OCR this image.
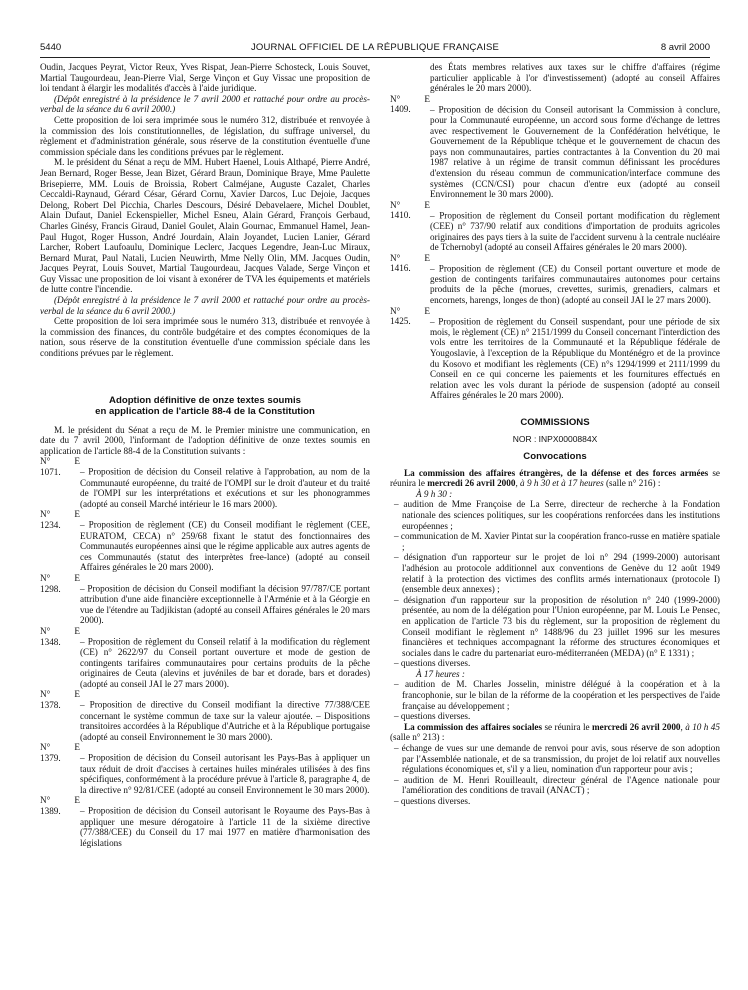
5440	JOURNAL OFFICIEL DE LA RÉPUBLIQUE FRANÇAISE	8 avril 2000

Oudin, Jacques Peyrat, Victor Reux, Yves Rispat, Jean-Pierre Schosteck, Louis Souvet, Martial Taugourdeau, Jean-Pierre Vial, Serge Vinçon et Guy Vissac une proposition de loi tendant à élargir les modalités d'accès à l'aide juridique.

(Dépôt enregistré à la présidence le 7 avril 2000 et rattaché pour ordre au procès-verbal de la séance du 6 avril 2000.)

Cette proposition de loi sera imprimée sous le numéro 312, distribuée et renvoyée à la commission des lois constitutionnelles, de législation, du suffrage universel, du règlement et d'administration générale, sous réserve de la constitution éventuelle d'une commission spéciale dans les conditions prévues par le règlement.

M. le président du Sénat a reçu de MM. Hubert Haenel, Louis Althapé, Pierre André, Jean Bernard, Roger Besse, Jean Bizet, Gérard Braun, Dominique Braye, Mme Paulette Brisepierre, MM. Louis de Broissia, Robert Calméjane, Auguste Cazalet, Charles Ceccaldi-Raynaud, Gérard César, Gérard Cornu, Xavier Darcos, Luc Dejoie, Jacques Delong, Robert Del Picchia, Charles Descours, Désiré Debavelaere, Michel Doublet, Alain Dufaut, Daniel Eckenspieller, Michel Esneu, Alain Gérard, François Gerbaud, Charles Ginésy, Francis Giraud, Daniel Goulet, Alain Gournac, Emmanuel Hamel, Jean-Paul Hugot, Roger Husson, André Jourdain, Alain Joyandet, Lucien Lanier, Gérard Larcher, Robert Laufoaulu, Dominique Leclerc, Jacques Legendre, Jean-Luc Miraux, Bernard Murat, Paul Natali, Lucien Neuwirth, Mme Nelly Olin, MM. Jacques Oudin, Jacques Peyrat, Louis Souvet, Martial Taugourdeau, Jacques Valade, Serge Vinçon et Guy Vissac une proposition de loi visant à exonérer de TVA les équipements et matériels de lutte contre l'incendie.

(Dépôt enregistré à la présidence le 7 avril 2000 et rattaché pour ordre au procès-verbal de la séance du 6 avril 2000.)

Cette proposition de loi sera imprimée sous le numéro 313, distribuée et renvoyée à la commission des finances, du contrôle budgétaire et des comptes économiques de la nation, sous réserve de la constitution éventuelle d'une commission spéciale dans les conditions prévues par le règlement.

Adoption définitive de onze textes soumis

en application de l'article 88-4 de la Constitution

M. le président du Sénat a reçu de M. le Premier ministre une communication, en date du 7 avril 2000, l'informant de l'adoption définitive de onze textes soumis en application de l'article 88-4 de la Constitution suivants :

N° E 1071. – Proposition de décision du Conseil relative à l'approbation, au nom de la Communauté européenne, du traité de l'OMPI sur le droit d'auteur et du traité de l'OMPI sur les interprétations et exécutions et sur les phonogrammes (adopté au conseil Marché intérieur le 16 mars 2000).

N° E 1234. – Proposition de règlement (CE) du Conseil modifiant le règlement (CEE, EURATOM, CECA) n° 259/68 fixant le statut des fonctionnaires des Communautés européennes ainsi que le régime applicable aux autres agents de ces Communautés (statut des interprètes free-lance) (adopté au conseil Affaires générales le 20 mars 2000).

N° E 1298. – Proposition de décision du Conseil modifiant la décision 97/787/CE portant attribution d'une aide financière exceptionnelle à l'Arménie et à la Géorgie en vue de l'étendre au Tadjikistan (adopté au conseil Affaires générales le 20 mars 2000).

N° E 1348. – Proposition de règlement du Conseil relatif à la modification du règlement (CE) n° 2622/97 du Conseil portant ouverture et mode de gestion de contingents tarifaires communautaires pour certains produits de la pêche originaires de Ceuta (alevins et juvéniles de bar et dorade, bars et dorades) (adopté au conseil JAI le 27 mars 2000).

N° E 1378. – Proposition de directive du Conseil modifiant la directive 77/388/CEE concernant le système commun de taxe sur la valeur ajoutée. – Dispositions transitoires accordées à la République d'Autriche et à la République portugaise (adopté au conseil Environnement le 30 mars 2000).

N° E 1379. – Proposition de décision du Conseil autorisant les Pays-Bas à appliquer un taux réduit de droit d'accises à certaines huiles minérales utilisées à des fins spécifiques, conformément à la procédure prévue à l'article 8, paragraphe 4, de la directive n° 92/81/CEE (adopté au conseil Environnement le 30 mars 2000).

N° E 1389. – Proposition de décision du Conseil autorisant le Royaume des Pays-Bas à appliquer une mesure dérogatoire à l'article 11 de la sixième directive (77/388/CEE) du Conseil du 17 mai 1977 en matière d'harmonisation des législations

des États membres relatives aux taxes sur le chiffre d'affaires (régime particulier applicable à l'or d'investissement) (adopté au conseil Affaires générales le 20 mars 2000).

N° E 1409. – Proposition de décision du Conseil autorisant la Commission à conclure, pour la Communauté européenne, un accord sous forme d'échange de lettres avec respectivement le Gouvernement de la Confédération helvétique, le Gouvernement de la République tchèque et le gouvernement de chacun des pays non communautaires, parties contractantes à la Convention du 20 mai 1987 relative à un régime de transit commun définissant les procédures d'extension du réseau commun de communication/interface commune des systèmes (CCN/CSI) pour chacun d'entre eux (adopté au conseil Environnement le 30 mars 2000).

N° E 1410. – Proposition de règlement du Conseil portant modification du règlement (CEE) n° 737/90 relatif aux conditions d'importation de produits agricoles originaires des pays tiers à la suite de l'accident survenu à la centrale nucléaire de Tchernobyl (adopté au conseil Affaires générales le 20 mars 2000).

N° E 1416. – Proposition de règlement (CE) du Conseil portant ouverture et mode de gestion de contingents tarifaires communautaires autonomes pour certains produits de la pêche (morues, crevettes, surimis, grenadiers, calmars et encornets, harengs, longes de thon) (adopté au conseil JAI le 27 mars 2000).

N° E 1425. – Proposition de règlement du Conseil suspendant, pour une période de six mois, le règlement (CE) n° 2151/1999 du Conseil concernant l'interdiction des vols entre les territoires de la Communauté et la République fédérale de Yougoslavie, à l'exception de la République du Monténégro et de la province du Kosovo et modifiant les règlements (CE) n°s 1294/1999 et 2111/1999 du Conseil en ce qui concerne les paiements et les fournitures effectués en relation avec les vols durant la période de suspension (adopté au conseil Affaires générales le 20 mars 2000).

COMMISSIONS

NOR : INPX0000884X

Convocations

La commission des affaires étrangères, de la défense et des forces armées se réunira le mercredi 26 avril 2000, à 9 h 30 et à 17 heures (salle n° 216) :

À 9 h 30 :

– audition de Mme Françoise de La Serre, directeur de recherche à la Fondation nationale des sciences politiques, sur les coopérations renforcées dans les institutions européennes ;

– communication de M. Xavier Pintat sur la coopération franco-russe en matière spatiale ;

– désignation d'un rapporteur sur le projet de loi n° 294 (1999-2000) autorisant l'adhésion au protocole additionnel aux conventions de Genève du 12 août 1949 relatif à la protection des victimes des conflits armés internationaux (protocole I) (ensemble deux annexes) ;

– désignation d'un rapporteur sur la proposition de résolution n° 240 (1999-2000) présentée, au nom de la délégation pour l'Union européenne, par M. Louis Le Pensec, en application de l'article 73 bis du règlement, sur la proposition de règlement du Conseil modifiant le règlement n° 1488/96 du 23 juillet 1996 sur les mesures financières et techniques accompagnant la réforme des structures économiques et sociales dans le cadre du partenariat euro-méditerranéen (MEDA) (n° E 1331) ;

– questions diverses.

À 17 heures :

– audition de M. Charles Josselin, ministre délégué à la coopération et à la francophonie, sur le bilan de la réforme de la coopération et les perspectives de l'aide française au développement ;

– questions diverses.

La commission des affaires sociales se réunira le mercredi 26 avril 2000, à 10 h 45 (salle n° 213) :

– échange de vues sur une demande de renvoi pour avis, sous réserve de son adoption par l'Assemblée nationale, et de sa transmission, du projet de loi relatif aux nouvelles régulations économiques et, s'il y a lieu, nomination d'un rapporteur pour avis ;

– audition de M. Henri Rouilleault, directeur général de l'Agence nationale pour l'amélioration des conditions de travail (ANACT) ;

– questions diverses.
